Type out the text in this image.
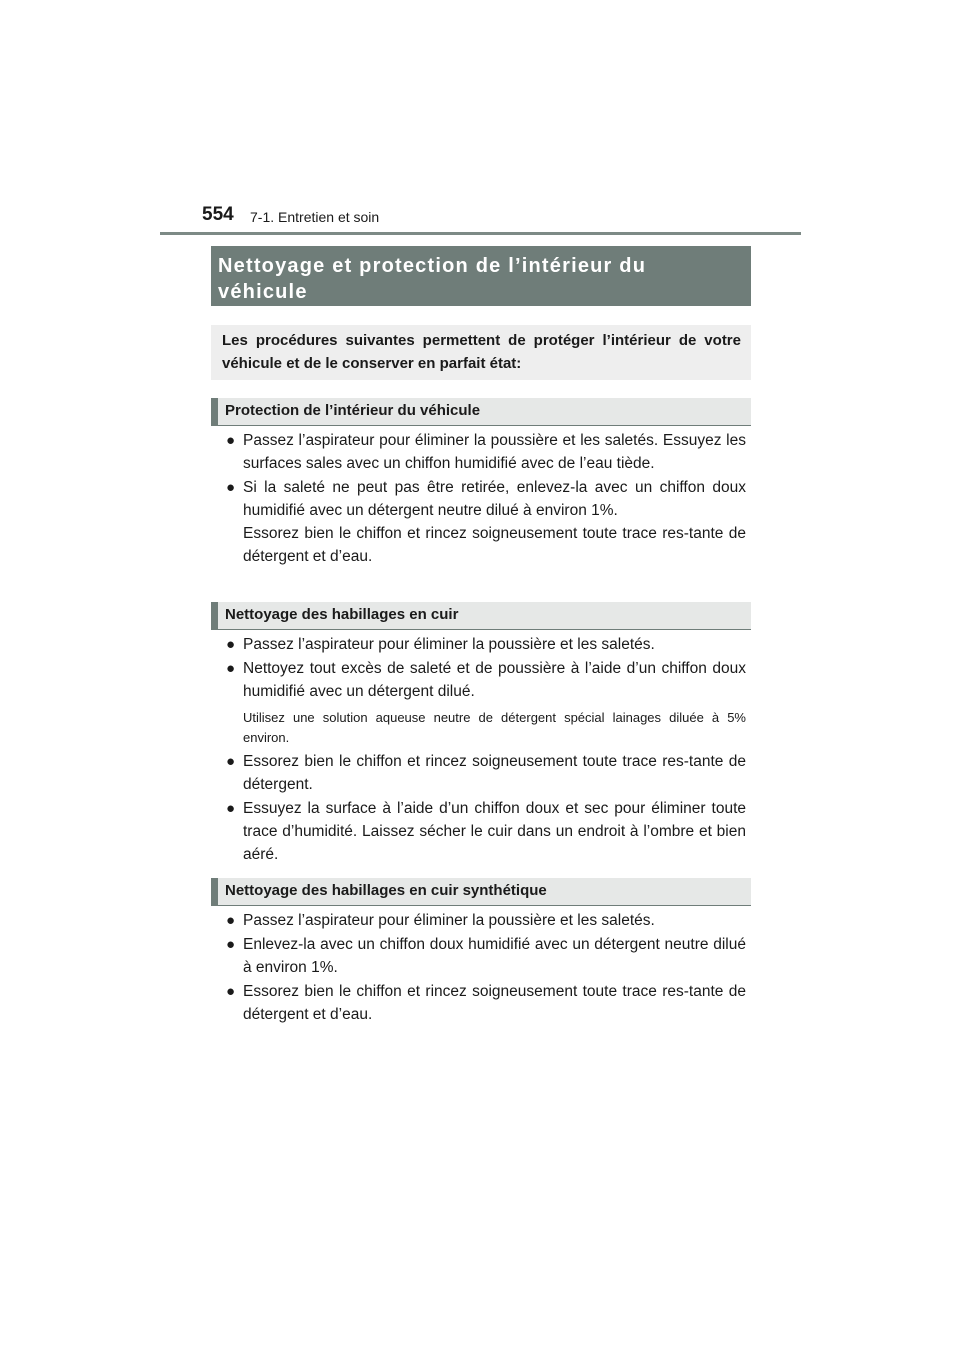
554 7-1. Entretien et soin
Nettoyage et protection de l’intérieur du
véhicule

Les procédures suivantes permettent de protéger l’intérieur de votre véhicule et de le conserver en parfait état:

Protection de l’intérieur du véhicule
● Passez l’aspirateur pour éliminer la poussière et les saletés. Essuyez les surfaces sales avec un chiffon humidifié avec de l’eau tiède.

● Si la saleté ne peut pas être retirée, enlevez-la avec un chiffon doux humidifié avec un détergent neutre dilué à environ 1%.

Essorez bien le chiffon et rincez soigneusement toute trace res-tante de détergent et d’eau.

Nettoyage des habillages en cuir
● Passez l’aspirateur pour éliminer la poussière et les saletés.

● Nettoyez tout excès de saleté et de poussière à l’aide d’un chiffon doux humidifié avec un détergent dilué.

Utilisez une solution aqueuse neutre de détergent spécial lainages diluée à 5% environ.

● Essorez bien le chiffon et rincez soigneusement toute trace res-tante de détergent.

● Essuyez la surface à l’aide d’un chiffon doux et sec pour éliminer toute trace d’humidité. Laissez sécher le cuir dans un endroit à l’ombre et bien aéré.

Nettoyage des habillages en cuir synthétique
● Passez l’aspirateur pour éliminer la poussière et les saletés.

● Enlevez-la avec un chiffon doux humidifié avec un détergent neutre dilué à environ 1%.

● Essorez bien le chiffon et rincez soigneusement toute trace res-tante de détergent et d’eau.
